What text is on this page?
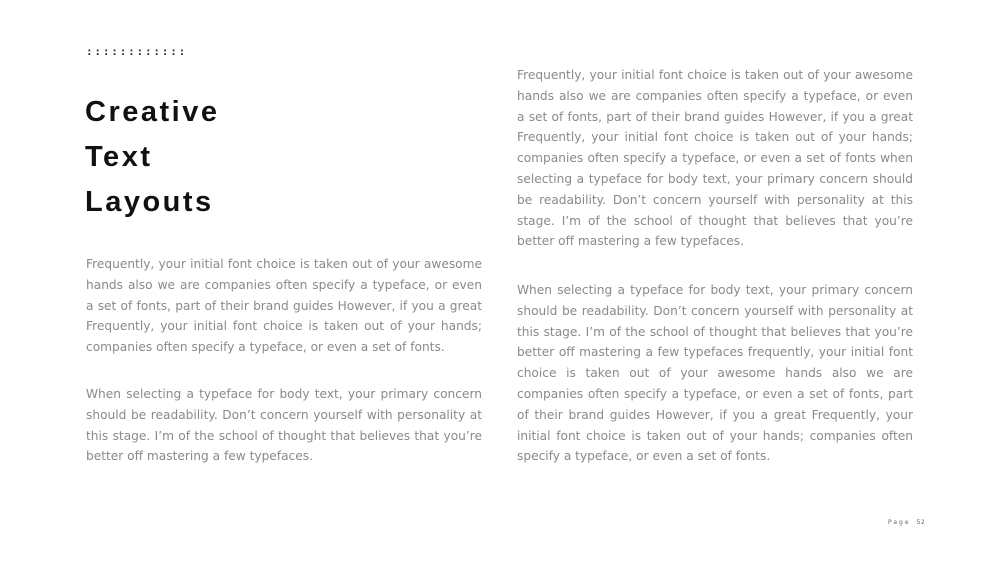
::::::::::::
Creative
Text
Layouts

Frequently, your initial font choice is taken out of your awesome hands also we are companies often specify a typeface, or even a set of fonts, part of their brand guides However, if you a great Frequently, your initial font choice is taken out of your hands; companies often specify a typeface, or even a set of fonts.

When selecting a typeface for body text, your primary concern should be readability. Don’t concern yourself with personality at this stage. I’m of the school of thought that believes that you’re better off mastering a few typefaces.

Frequently, your initial font choice is taken out of your awesome hands also we are companies often specify a typeface, or even a set of fonts, part of their brand guides However, if you a great Frequently, your initial font choice is taken out of your hands; companies often specify a typeface, or even a set of fonts when selecting a typeface for body text, your primary concern should be readability. Don’t concern yourself with personality at this stage. I’m of the school of thought that believes that you’re better off mastering a few typefaces.

When selecting a typeface for body text, your primary concern should be readability. Don’t concern yourself with personality at this stage. I’m of the school of thought that believes that you’re better off mastering a few typefaces frequently, your initial font choice is taken out of your awesome hands also we are companies often specify a typeface, or even a set of fonts, part of their brand guides However, if you a great Frequently, your initial font choice is taken out of your hands; companies often specify a typeface, or even a set of fonts.

Page 52
